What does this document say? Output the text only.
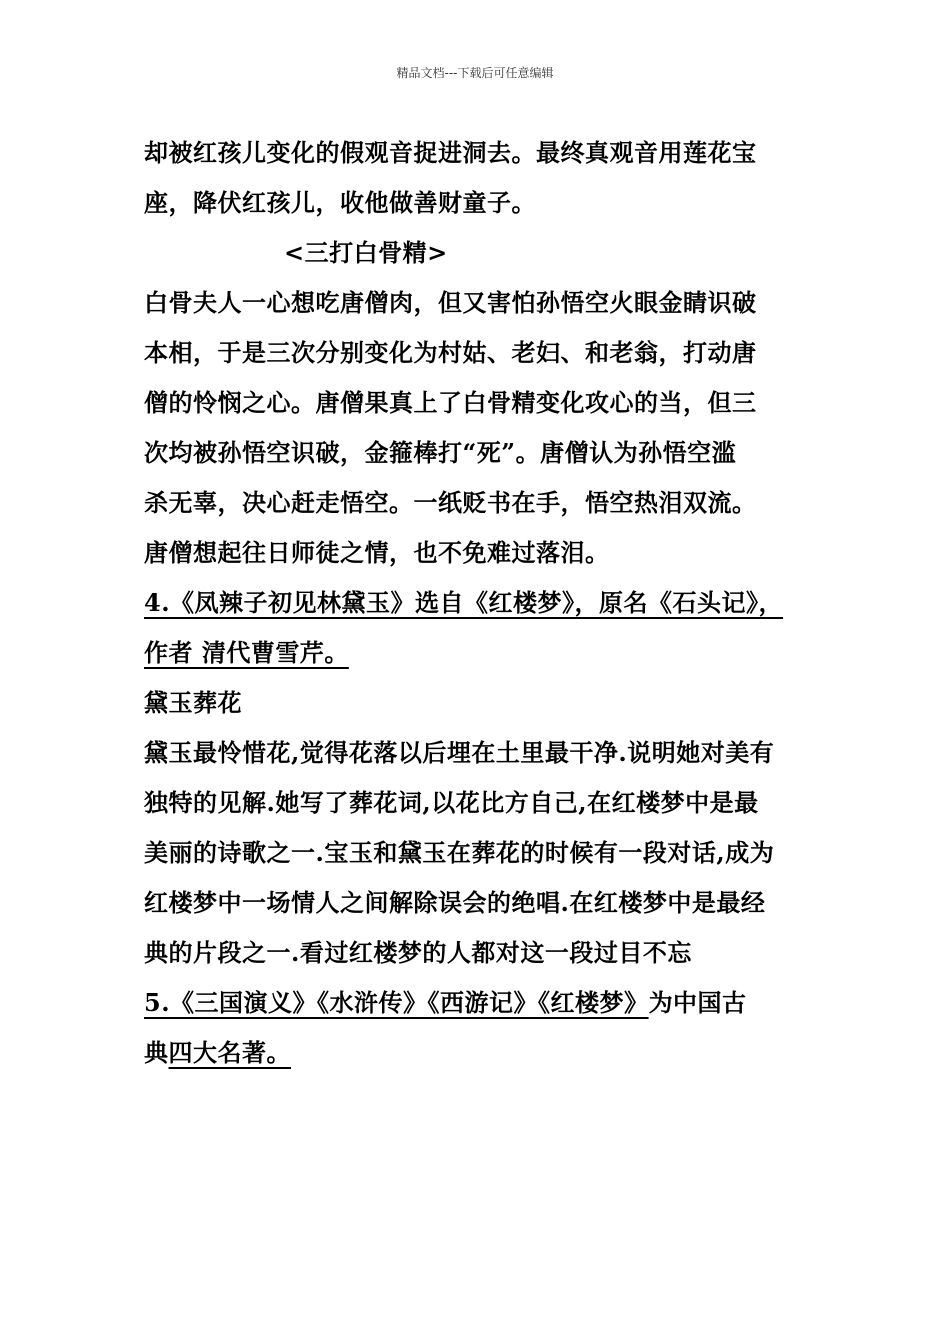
精品文档---下载后可任意编辑
却被红孩儿变化的假观音捉进洞去。最终真观音用莲花宝
座，降伏红孩儿，收他做善财童子。
<三打白骨精>
白骨夫人一心想吃唐僧肉，但又害怕孙悟空火眼金睛识破
本相，于是三次分别变化为村姑、老妇、和老翁，打动唐
僧的怜悯之心。唐僧果真上了白骨精变化攻心的当，但三
次均被孙悟空识破，金箍棒打“死”。唐僧认为孙悟空滥
杀无辜，决心赶走悟空。一纸贬书在手，悟空热泪双流。
唐僧想起往日师徒之情，也不免难过落泪。
4.《凤辣子初见林黛玉》选自《红楼梦》，原名《石头记》，
作者 清代曹雪芹。
黛玉葬花
黛玉最怜惜花,觉得花落以后埋在土里最干净.说明她对美有
独特的见解.她写了葬花词,以花比方自己,在红楼梦中是最
美丽的诗歌之一.宝玉和黛玉在葬花的时候有一段对话,成为
红楼梦中一场情人之间解除误会的绝唱.在红楼梦中是最经
典的片段之一.看过红楼梦的人都对这一段过目不忘
5.《三国演义》《水浒传》《西游记》《红楼梦》为中国古
典四大名著。
